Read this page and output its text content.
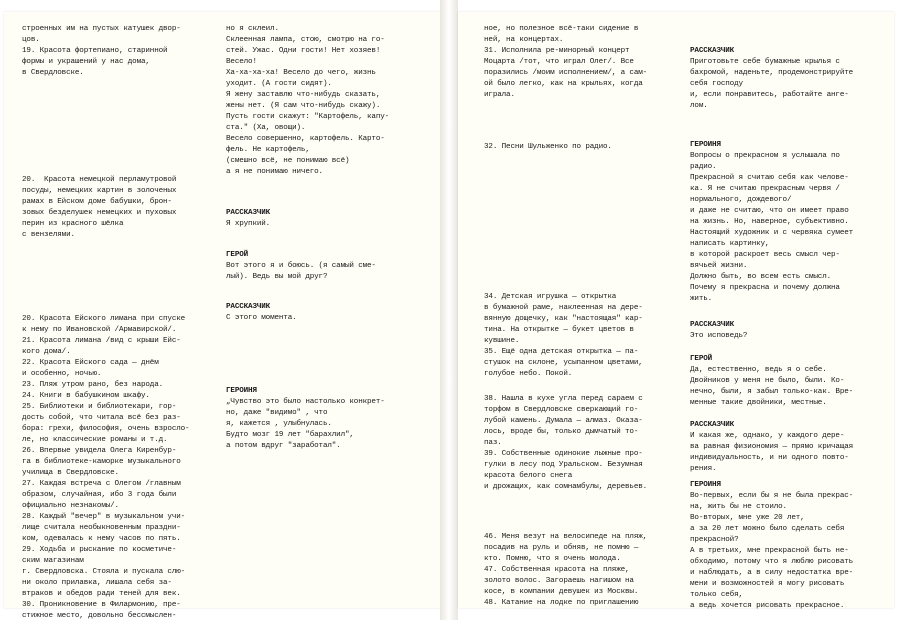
строенных им на пустых катушек двор-
цов.
19. Красота фортепиано, старинной
формы и украшений у нас дома,
в Свердловске.
20.  Красота немецкой перламутровой
посуды, немецких картин в золоченых
рамах в Ейском доме бабушки, брон-
зовых безделушек немецких и пуховых
перин из красного шёлка
с вензелями.
20. Красота Ейского лимана при спуске
к нему по Ивановской /Армавирской/.
21. Красота лимана /вид с крыши Ейс-
кого дома/.
22. Красота Ейского сада — днём
и особенно, ночью.
23. Пляж утром рано, без народа.
24. Книги в бабушкином шкафу.
25. Библиотеки и библиотекари, гор-
дость собой, что читала всё без раз-
бора: грехи, философия, очень взросло-
ле, но классические романы и т.д.
26. Впервые увидела Олега Киренбур-
га в библиотеке-каморке музыкального
училища в Свердловске.
27. Каждая встреча с Олегом /главным
образом, случайная, ибо 3 года были
официально незнакомы/.
28. Каждый "вечер" в музыкальном учи-
лище считала необыкновенным праздни-
ком, одевалась к нему часов по пять.
29. Ходьба и рыскание по косметиче-
ским магазинам
г. Свердловска. Стояла и пускала слю-
ни около прилавка, лишала себя за-
втраков и обедов ради теней для век.
30. Проникновение в Филармонию, пре-
стижное место, довольно бессмыслен-
но я склеил.
Склеенная лампа, стою, смотрю на го-
стей. Ужас. Одни гости! Нет хозяев!
Весело!
Ха-ха-ха-ха! Весело до чего, жизнь
уходит. (А гости сидят).
Я жену заставлю что-нибудь сказать,
жены нет. (Я сам что-нибудь скажу).
Пусть гости скажут: "Картофель, капу-
ста." (Ха, овощи).
Весело совершенно, картофель. Карто-
фель. Не картофель,
(смешно всё, не понимаю всё)
а я не понимаю ничего.
РАССКАЗЧИК
Я хрупкий.
ГЕРОЙ
Вот этого я и боюсь. (я самый сме-
лый). Ведь вы мой друг?
РАССКАЗЧИК
С этого момента.
ГЕРОИНЯ
„Чувство это было настолько конкрет-
но, даже "видимо" , что
я, кажется , улыбнулась.
Будто мозг 19 лет "барахлил",
а потом вдруг "заработал".
ное, но полезное всё-таки сидение в
ней, на концертах.
31. Исполнила ре-минорный концерт
Моцарта /тот, что играл Олег/. Все
поразились /моим исполнением/, а сам-
ой было легко, как на крыльях, когда
играла.
32. Песни Шульженко по радио.
34. Детская игрушка — открытка
в бумажной раме, наклеенная на дере-
вянную дощечку, как "настоящая" кар-
тина. На открытке — букет цветов в
кувшине.
35. Ещё одна детская открытка — па-
стушок на склоне, усыпанном цветами,
голубое небо. Покой.
38. Нашла в кухе углa перед сараем с
торфом в Свердловске сверкающий го-
лубой камень. Думала — алмаз. Оказа-
лось, вроде бы, только дымчатый то-
паз.
39. Собственные одинокие лыжные про-
гулки в лесу под Уральском. Безумная
красота белого снега
и дрожащих, как сомнамбулы, деревьев.
46. Меня везут на велосипеде на пляж,
посадив на руль и обняв, не помню —
кто. Помню, что я очень молода.
47. Собственная красота на пляже,
золото волос. Загораешь нагишом на
косе, в компании девушек из Москвы.
48. Катание на лодке по приглашению
РАССКАЗЧИК
Приготовьте себе бумажные крылья с
бахромой, наденьте, продемонстрируйте
себя господу
и, если понравитесь, работайте анге-
лом.
ГЕРОИНЯ
Вопросы о прекрасном я услышала по
радио.
Прекрасной я считаю себя как челове-
ка. Я не считаю прекрасным червя /
нормального, дождевого/
и даже не считаю, что он имеет право
на жизнь. Но, наверное, субъективно.
Настоящий художник и с червяка сумеет
написать картинку,
в которой раскроет весь смысл чер-
вячьей жизни.
Должно быть, во всем есть смысл.
Почему я прекрасна и почему должна
жить.
РАССКАЗЧИК
Это исповедь?
ГЕРОЙ
Да, естественно, ведь я о себе.
Двойников у меня не было, были. Ко-
нечно, были, я забыл только-как. Вре-
менные такие двойники, местные.
РАССКАЗЧИК
И какая же, однако, у каждого дере-
ва равная физиономия — прямо кричащая
индивидуальность, и ни одного повто-
рения.
ГЕРОИНЯ
Во-первых, если бы я не была прекрас-
на, жить бы не стоило.
Во-вторых, мне уже 20 лет,
а за 20 лет можно было сделать себя
прекрасной?
А в третьих, мне прекрасной быть не-
обходимо, потому что я люблю рисовать
и наблюдать, а в силу недостатка вре-
мени и возможностей я могу рисовать
только себя,
а ведь хочется рисовать прекрасное.
